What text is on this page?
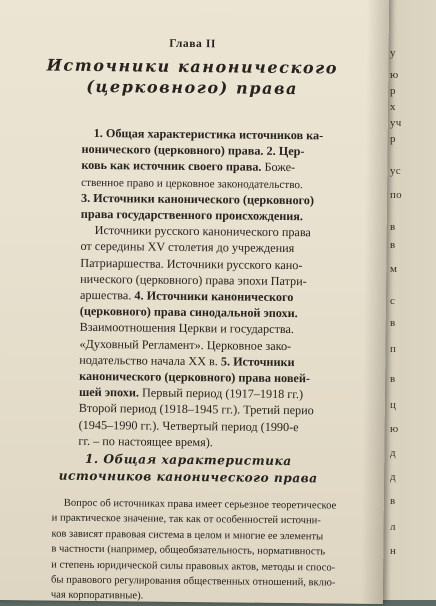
у
ю
р
х
уч
р
ус
по
в
в
м
с
в
п
в
ц
ю
д
д
в
л
н
Глава II
Источники канонического
(церковного) права
1. Общая характеристика источников ка-
нонического (церковного) права. 2. Цер-
ковь как источник своего права. Боже-
ственное право и церковное законодательство.
3. Источники канонического (церковного)
права государственного происхождения.
Источники русского канонического права
от середины XV столетия до учреждения
Патриаршества. Источники русского кано-
нического (церковного) права эпохи Патри-
аршества. 4. Источники канонического
(церковного) права синодальной эпохи.
Взаимоотношения Церкви и государства.
«Духовный Регламент». Церковное зако-
нодательство начала XX в. 5. Источники
канонического (церковного) права новей-
шей эпохи. Первый период (1917–1918 гг.)
Второй период (1918–1945 гг.). Третий перио
(1945–1990 гг.). Четвертый период (1990-е
гг. – по настоящее время).
1. Общая характеристика
источников канонического права
Вопрос об источниках права имеет серьезное теоретическое
и практическое значение, так как от особенностей источни-
ков зависят правовая система в целом и многие ее элементы
в частности (например, общеобязательность, нормативность
и степень юридической силы правовых актов, методы и спосо-
бы правового регулирования общественных отношений, вклю-
чая корпоративные).
